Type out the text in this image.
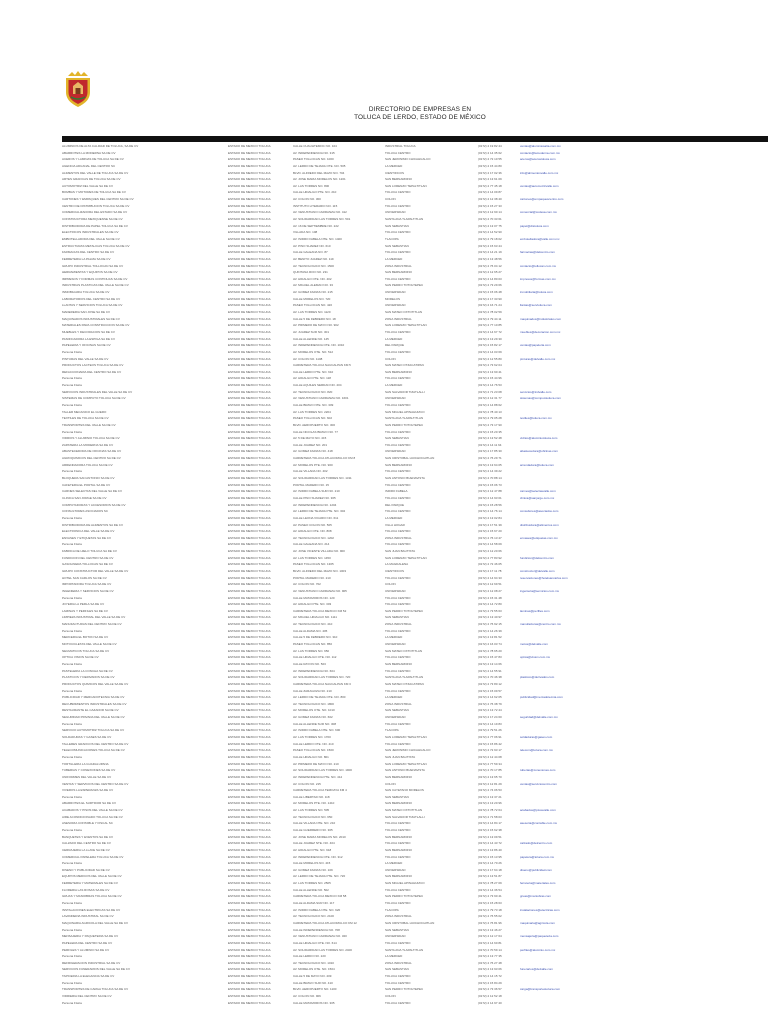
DIRECTORIO DE EMPRESAS EN
TOLUCA DE LERDO, ESTADO DE MÉXICO
ALUMINIOS DE ALTA CALIDAD DE TOLUCA, SA DE CV	ESTADO DE MEXICO TOLUCA	CALLE CUAUHTEMOC NO. 104	INDUSTRIAL TOLUCA	(0172) 2 19 82 44	ventas@aluminiosalta.com.mx
ABARROTES LA MODERNA SA DE CV	ESTADO DE MEXICO TOLUCA	AV. INDEPENDENCIA NO. 315	TOLUCA CENTRO	(0172) 2 14 35 62	contacto@lamoderna.com.mx
ACEROS Y LAMINAS DE TOLUCA SA DE CV	ESTADO DE MEXICO TOLUCA	PASEO TOLLOCAN NO. 1000	SAN JERONIMO CHICAHUALCO	(0172) 2 72 10 55	aceros@acerostoluca.com
AGENCIA ADUANAL DEL CENTRO SC	ESTADO DE MEXICO TOLUCA	AV. LERDO DE TEJADA OTE. NO. 505	LA MERCED	(0172) 2 15 44 80
ALIMENTOS DEL VALLE DE TOLUCA SA DE CV	ESTADO DE MEXICO TOLUCA	BLVD. ALFREDO DEL MAZO NO. 704	CIENTIFICOS	(0172) 2 17 02 36	info@alimentosvalle.com.mx
ARTES GRAFICAS DE TOLUCA SA DE CV	ESTADO DE MEXICO TOLUCA	AV. JOSE MARIA MORELOS NO. 1201	SAN BERNARDINO	(0172) 2 13 61 09
AUTOMOTRIZ DEL VALLE SA DE CV	ESTADO DE MEXICO TOLUCA	AV. LAS TORRES NO. 800	SAN LORENZO TEPALTITLAN	(0172) 2 77 45 18	ventas@automotrizvalle.com
BOMBAS Y MOTORES DE TOLUCA SA DE CV	ESTADO DE MEXICO TOLUCA	CALLE HIDALGO PTE. NO. 210	TOLUCA CENTRO	(0172) 2 14 09 87
CARTONES Y EMPAQUES DEL CENTRO SA DE CV	ESTADO DE MEXICO TOLUCA	AV. COLON NO. 300	COLON	(0172) 2 12 38 40	cartones@empaquescentro.com
CENTRO DE DISTRIBUCION TOLUCA SA DE CV	ESTADO DE MEXICO TOLUCA	INSTITUTO LITERARIO NO. 115	TOLUCA CENTRO	(0172) 2 15 27 33
COMERCIALIZADORA DEL ESTADO SA DE CV	ESTADO DE MEXICO TOLUCA	AV. VENUSTIANO CARRANZA NO. 412	UNIVERSIDAD	(0172) 2 12 90 14	comercial@codesa.com.mx
CONSTRUCTORA MEXIQUENSE SA DE CV	ESTADO DE MEXICO TOLUCA	AV. SOLIDARIDAD LAS TORRES NO. 501	SANTA ANA TLAPALTITLAN	(0172) 2 70 33 61
DISTRIBUIDORA DE PAPEL TOLUCA SA DE CV	ESTADO DE MEXICO TOLUCA	AV. 16 DE SEPTIEMBRE NO. 222	SAN SEBASTIAN	(0172) 2 13 07 75	papel@distoluca.com
ELECTRICOS INDUSTRIALES SA DE CV	ESTADO DE MEXICO TOLUCA	VILLADA NO. 108	TOLUCA CENTRO	(0172) 2 14 52 90
EMBOTELLADORA DEL VALLE SA DE CV	ESTADO DE MEXICO TOLUCA	AV. ISIDRO FABELA NTE. NO. 1400	TLACOPA	(0172) 2 79 18 02	embotelladora@valle.com.mx
ESTRUCTURAS METALICAS TOLUCA SA DE CV	ESTADO DE MEXICO TOLUCA	AV. PINO SUAREZ NO. 610	SAN SEBASTIAN	(0172) 2 15 63 44
FARMACIAS DEL CENTRO SA DE CV	ESTADO DE MEXICO TOLUCA	CALLE GALEANA NO. 87	TOLUCA CENTRO	(0172) 2 14 21 19	farmacias@delcentro.com
FERRETERIA LA PALMA SA DE CV	ESTADO DE MEXICO TOLUCA	AV. BENITO JUAREZ NO. 119	LA MERCED	(0172) 2 13 48 56
GRUPO INDUSTRIAL TOLLOCAN SA DE CV	ESTADO DE MEXICO TOLUCA	AV. TECNOLOGICO NO. 1500	ZONA INDUSTRIAL	(0172) 2 76 04 12	contacto@tollocan.com.mx
HERRAMIENTAS Y EQUIPOS SA DE CV	ESTADO DE MEXICO TOLUCA	QUINTANA ROO NO. 231	SAN BERNARDINO	(0172) 2 12 65 27
IMPRESOS Y FORMAS CONTINUAS SA DE CV	ESTADO DE MEXICO TOLUCA	AV. HIDALGO OTE. NO. 402	TOLUCA CENTRO	(0172) 2 14 80 03	impresos@formas.com.mx
INDUSTRIAS PLASTICAS DEL VALLE SA DE CV	ESTADO DE MEXICO TOLUCA	AV. MIGUEL ALEMAN NO. 33	SAN PEDRO TOTOLTEPEC	(0172) 2 73 29 66
INMOBILIARIA TOLUCA SA DE CV	ESTADO DE MEXICO TOLUCA	AV. GOMEZ FARIAS NO. 215	UNIVERSIDAD	(0172) 2 15 06 48	inmobiliaria@toluca.com
LABORATORIOS DEL CENTRO SA DE CV	ESTADO DE MEXICO TOLUCA	CALLE MORELOS NO. 720	MORELOS	(0172) 2 17 33 90
LLANTAS Y SERVICIOS TOLUCA SA DE CV	ESTADO DE MEXICO TOLUCA	PASEO TOLLOCAN NO. 420	UNIVERSIDAD	(0172) 2 16 71 24	llantas@servtoluca.com
MADERERIA SAN JOSE SA DE CV	ESTADO DE MEXICO TOLUCA	AV. LAS TORRES NO. 1120	SAN MATEO OXTOTITLAN	(0172) 2 78 02 59
MAQUINADOS INDUSTRIALES SA DE CV	ESTADO DE MEXICO TOLUCA	CALLE 5 DE FEBRERO NO. 18	ZONA INDUSTRIAL	(0172) 2 79 44 11	maquinados@industriales.com
MATERIALES PARA CONSTRUCCION SA DE CV	ESTADO DE MEXICO TOLUCA	AV. PRIMERO DE MAYO NO. 902	SAN LORENZO TEPALTITLAN	(0172) 2 77 10 85
MUEBLES Y DECORACION SA DE CV	ESTADO DE MEXICO TOLUCA	AV. JUAREZ SUR NO. 301	TOLUCA CENTRO	(0172) 2 14 67 72	muebles@decoracion.com.mx
PANIFICADORA LA ESPIGA SA DE CV	ESTADO DE MEXICO TOLUCA	CALLE ALLENDE NO. 145	LA MERCED	(0172) 2 13 29 30
PAPELERIA Y OFICINAS SA DE CV	ESTADO DE MEXICO TOLUCA	AV. INDEPENDENCIA OTE. NO. 1010	DEL PARQUE	(0172) 2 15 82 17	ventas@papeleria.com
Persona Fisica	ESTADO DE MEXICO TOLUCA	AV. MORELOS OTE. NO. 512	TOLUCA CENTRO	(0172) 2 14 03 69
PINTURAS DEL VALLE SA DE CV	ESTADO DE MEXICO TOLUCA	AV. COLON NO. 1108	COLON	(0172) 2 12 55 80	pinturas@delvalle.com.mx
PRODUCTOS LACTEOS TOLUCA SA DE CV	ESTADO DE MEXICO TOLUCA	CARRETERA TOLUCA NAUCALPAN KM 5	SAN MATEO OTZACATIPAN	(0172) 2 73 62 04
REFACCIONARIA DEL CENTRO SA DE CV	ESTADO DE MEXICO TOLUCA	CALLE LERDO PTE. NO. 610	SAN BERNARDINO	(0172) 2 13 90 41
Persona Fisica	ESTADO DE MEXICO TOLUCA	AV. HIDALGO PTE. NO. 118	TOLUCA CENTRO	(0172) 2 15 44 96
Persona Fisica	ESTADO DE MEXICO TOLUCA	CALLE AQUILES SERDAN NO. 204	LA MERCED	(0172) 2 14 76 53
SERVICIOS INDUSTRIALES DEL VALLE SA DE CV	ESTADO DE MEXICO TOLUCA	AV. TECNOLOGICO NO. 820	SAN SALVADOR TIZATLALLI	(0172) 2 71 23 08	servicios@indvalle.com
SISTEMAS DE COMPUTO TOLUCA SA DE CV	ESTADO DE MEXICO TOLUCA	AV. VENUSTIANO CARRANZA NO. 1601	UNIVERSIDAD	(0172) 2 12 31 77	sistemas@computotoluca.com
Persona Fisica	ESTADO DE MEXICO TOLUCA	CALLE BRAVO NTE. NO. 309	TOLUCA CENTRO	(0172) 2 14 88 62
TALLER MECANICO EL GUERO	ESTADO DE MEXICO TOLUCA	AV. LAS TORRES NO. 2204	SAN MIGUEL APINAHUIZCO	(0172) 2 78 40 13
TEXTILES DE TOLUCA SA DE CV	ESTADO DE MEXICO TOLUCA	PASEO TOLLOCAN NO. 602	SANTA ANA TLAPALTITLAN	(0172) 2 79 05 28	textiles@toluca.com.mx
TRANSPORTES DEL VALLE SA DE CV	ESTADO DE MEXICO TOLUCA	BLVD. AEROPUERTO NO. 300	SAN PEDRO TOTOLTEPEC	(0172) 2 73 17 90
Persona Fisica	ESTADO DE MEXICO TOLUCA	CALLE NICOLAS BRAVO NO. 77	TOLUCA CENTRO	(0172) 2 15 20 35
VIDRIOS Y ALUMINIO TOLUCA SA DE CV	ESTADO DE MEXICO TOLUCA	AV. 5 DE MAYO NO. 415	SAN SEBASTIAN	(0172) 2 13 52 48	vidrios@aluminiotoluca.com
ZAPATERIA LA MODERNA SA DE CV	ESTADO DE MEXICO TOLUCA	CALLE JUAREZ NO. 201	TOLUCA CENTRO	(0172) 2 14 11 64
ABASTECEDORA DE OFICINAS SA DE CV	ESTADO DE MEXICO TOLUCA	AV. GOMEZ FARIAS NO. 418	UNIVERSIDAD	(0172) 2 17 85 30	abastecedora@oficinas.com
AGROQUIMICOS DEL CENTRO SA DE CV	ESTADO DE MEXICO TOLUCA	CARRETERA TOLUCA ATLACOMULCO KM 8	SAN CRISTOBAL HUICHOCHITLAN	(0172) 2 76 29 71
ARRENDADORA TOLUCA SA DE CV	ESTADO DE MEXICO TOLUCA	AV. MORELOS PTE. NO. 900	SAN BERNARDINO	(0172) 2 13 64 05	arrendadora@toluca.com
Persona Fisica	ESTADO DE MEXICO TOLUCA	CALLE VILLADA NO. 402	TOLUCA CENTRO	(0172) 2 14 39 22
BLOQUERA SAN ANTONIO SA DE CV	ESTADO DE MEXICO TOLUCA	AV. SOLIDARIDAD LAS TORRES NO. 1311	SAN ANTONIO BUENAVISTA	(0172) 2 70 88 14
CAFETERIA EL PORTAL SA DE CV	ESTADO DE MEXICO TOLUCA	PORTAL MADERO NO. 15	TOLUCA CENTRO	(0172) 2 15 06 73
CARNES SELECTAS DEL VALLE SA DE CV	ESTADO DE MEXICO TOLUCA	AV. ISIDRO FABELA SUR NO. 210	ISIDRO FABELA	(0172) 2 12 47 88	carnes@selectasvalle.com
CLINICA SAN JORGE SA DE CV	ESTADO DE MEXICO TOLUCA	CALLE PINO SUAREZ NO. 305	TOLUCA CENTRO	(0172) 2 14 93 01	clinica@sanjorge.com.mx
COMPUTADORAS Y ACCESORIOS SA DE CV	ESTADO DE MEXICO TOLUCA	AV. INDEPENDENCIA NO. 1204	DEL PARQUE	(0172) 2 15 28 56
CONSULTORES ASOCIADOS SC	ESTADO DE MEXICO TOLUCA	AV. LERDO DE TEJADA PTE. NO. 302	TOLUCA CENTRO	(0172) 2 14 76 14	consultores@asociados.com
Persona Fisica	ESTADO DE MEXICO TOLUCA	CALLE LEONA VICARIO NO. 611	LA MERCED	(0172) 2 13 02 84
DISTRIBUIDORA DE ALIMENTOS SA DE CV	ESTADO DE MEXICO TOLUCA	AV. PASEO COLON NO. 505	VILLA HOGAR	(0172) 2 17 51 39	distribuidora@alimentos.com
ELECTRONICA DEL VALLE SA DE CV	ESTADO DE MEXICO TOLUCA	AV. HIDALGO OTE. NO. 808	TOLUCA CENTRO	(0172) 2 15 67 20
ENVASES Y ETIQUETAS SA DE CV	ESTADO DE MEXICO TOLUCA	AV. TECNOLOGICO NO. 1202	ZONA INDUSTRIAL	(0172) 2 76 13 47	envases@etiquetas.com.mx
Persona Fisica	ESTADO DE MEXICO TOLUCA	CALLE GALEANA NO. 214	TOLUCA CENTRO	(0172) 2 14 58 09
FABRICA DE HIELO TOLUCA SA DE CV	ESTADO DE MEXICO TOLUCA	AV. JOSE VICENTE VILLADA NO. 900	SAN JUAN BAUTISTA	(0172) 2 12 20 66
FUNDICION DEL CENTRO SA DE CV	ESTADO DE MEXICO TOLUCA	AV. LAS TORRES NO. 1450	SAN LORENZO TEPALTITLAN	(0172) 2 77 83 92	fundicion@delcentro.com
GASOLINERA TOLLOCAN SA DE CV	ESTADO DE MEXICO TOLUCA	PASEO TOLLOCAN NO. 1305	LA MAGDALENA	(0172) 2 72 46 05
GRUPO CONSTRUCTOR DEL VALLE SA DE CV	ESTADO DE MEXICO TOLUCA	BLVD. ALFREDO DEL MAZO NO. 1003	CIENTIFICOS	(0172) 2 17 11 78	constructor@delvalle.com
HOTEL SAN CARLOS SA DE CV	ESTADO DE MEXICO TOLUCA	PORTAL MADERO NO. 210	TOLUCA CENTRO	(0172) 2 14 94 33	reservaciones@hotelsancarlos.com
IMPORTADORA TOLUCA SA DE CV	ESTADO DE MEXICO TOLUCA	AV. COLON NO. 702	COLON	(0172) 2 12 69 51
INGENIERIA Y SERVICIOS SA DE CV	ESTADO DE MEXICO TOLUCA	AV. VENUSTIANO CARRANZA NO. 905	UNIVERSIDAD	(0172) 2 12 08 27	ingenieria@servicios.com.mx
Persona Fisica	ESTADO DE MEXICO TOLUCA	CALLE MATAMOROS NO. 120	TOLUCA CENTRO	(0172) 2 15 31 48
JOYERIA LA PERLA SA DE CV	ESTADO DE MEXICO TOLUCA	AV. HIDALGO PTE. NO. 303	TOLUCA CENTRO	(0172) 2 14 72 80
LAMINAS Y PERFILES SA DE CV	ESTADO DE MEXICO TOLUCA	CARRETERA TOLUCA MEXICO KM 52	SAN PEDRO TOTOLTEPEC	(0172) 2 73 55 63	laminas@perfiles.com
LIMPIEZA INDUSTRIAL DEL VALLE SA DE CV	ESTADO DE MEXICO TOLUCA	AV. MIGUEL HIDALGO NO. 1111	SAN SEBASTIAN	(0172) 2 13 40 97
MANUFACTURAS DEL CENTRO SA DE CV	ESTADO DE MEXICO TOLUCA	AV. TECNOLOGICO NO. 410	ZONA INDUSTRIAL	(0172) 2 76 92 15	manufacturas@centro.com.mx
Persona Fisica	ESTADO DE MEXICO TOLUCA	CALLE ALDAMA NO. 405	TOLUCA CENTRO	(0172) 2 14 26 39
MERCERIA EL BOTON SA DE CV	ESTADO DE MEXICO TOLUCA	CALLE 5 DE FEBRERO NO. 310	LA MERCED	(0172) 2 13 81 52
MOTOCICLETAS DEL VALLE SA DE CV	ESTADO DE MEXICO TOLUCA	PASEO TOLLOCAN NO. 850	UNIVERSIDAD	(0172) 2 16 03 74	motos@delvalle.com
NEUMATICOS TOLUCA SA DE CV	ESTADO DE MEXICO TOLUCA	AV. LAS TORRES NO. 650	SAN MATEO OXTOTITLAN	(0172) 2 78 65 20
OPTICA VISION SA DE CV	ESTADO DE MEXICO TOLUCA	CALLE HIDALGO OTE. NO. 112	TOLUCA CENTRO	(0172) 2 15 47 83	optica@vision.com.mx
Persona Fisica	ESTADO DE MEXICO TOLUCA	CALLE RAYON NO. 503	SAN BERNARDINO	(0172) 2 13 14 66
PASTELERIA LA CONCHA SA DE CV	ESTADO DE MEXICO TOLUCA	AV. INDEPENDENCIA NO. 604	TOLUCA CENTRO	(0172) 2 14 55 91
PLASTICOS Y DERIVADOS SA DE CV	ESTADO DE MEXICO TOLUCA	AV. SOLIDARIDAD LAS TORRES NO. 720	SANTA ANA TLAPALTITLAN	(0172) 2 70 46 38	plasticos@derivados.com
PRODUCTOS QUIMICOS DEL VALLE SA DE CV	ESTADO DE MEXICO TOLUCA	CARRETERA TOLUCA NAUCALPAN KM 3	SAN MATEO OTZACATIPAN	(0172) 2 73 80 12
Persona Fisica	ESTADO DE MEXICO TOLUCA	CALLE ZARAGOZA NO. 210	TOLUCA CENTRO	(0172) 2 15 09 57
PUBLICIDAD Y MERCADOTECNIA SA DE CV	ESTADO DE MEXICO TOLUCA	AV. LERDO DE TEJADA OTE. NO. 800	LA MERCED	(0172) 2 14 62 05	publicidad@mercadotecnia.com
RECUBRIMIENTOS INDUSTRIALES SA DE CV	ESTADO DE MEXICO TOLUCA	AV. TECNOLOGICO NO. 1800	ZONA INDUSTRIAL	(0172) 2 76 38 79
RESTAURANTE EL CAZADOR SA DE CV	ESTADO DE MEXICO TOLUCA	AV. MORELOS OTE. NO. 1010	SAN SEBASTIAN	(0172) 2 13 72 44
SEGURIDAD PRIVADA DEL VALLE SA DE CV	ESTADO DE MEXICO TOLUCA	AV. GOMEZ FARIAS NO. 602	UNIVERSIDAD	(0172) 2 17 24 60	seguridad@delvalle.com.mx
Persona Fisica	ESTADO DE MEXICO TOLUCA	CALLE ALLENDE SUR NO. 308	TOLUCA CENTRO	(0172) 2 14 19 83
SERVICIO AUTOMOTRIZ TOLUCA SA DE CV	ESTADO DE MEXICO TOLUCA	AV. ISIDRO FABELA NTE. NO. 600	TLACOPA	(0172) 2 79 51 26
SOLDADURAS Y GASES SA DE CV	ESTADO DE MEXICO TOLUCA	AV. LAS TORRES NO. 1700	SAN LORENZO TEPALTITLAN	(0172) 2 77 06 91	soldaduras@gases.com
TALLERES GRAFICOS DEL CENTRO SA DE CV	ESTADO DE MEXICO TOLUCA	CALLE LERDO OTE. NO. 410	TOLUCA CENTRO	(0172) 2 15 86 42
TELECOMUNICACIONES TOLUCA SA DE CV	ESTADO DE MEXICO TOLUCA	PASEO TOLLOCAN NO. 1500	SAN JERONIMO CHICAHUALCO	(0172) 2 72 93 17	telecom@toluca.com.mx
Persona Fisica	ESTADO DE MEXICO TOLUCA	CALLE HIDALGO NO. 801	SAN JUAN BAUTISTA	(0172) 2 12 44 08
TORTILLERIA LA GUADALUPANA	ESTADO DE MEXICO TOLUCA	AV. PRIMERO DE MAYO NO. 210	SAN LORENZO TEPALTITLAN	(0172) 2 77 59 34
TUBERIAS Y CONEXIONES SA DE CV	ESTADO DE MEXICO TOLUCA	AV. SOLIDARIDAD LAS TORRES NO. 1900	SAN ANTONIO BUENAVISTA	(0172) 2 70 17 85	tuberias@conexiones.com
UNIFORMES DEL VALLE SA DE CV	ESTADO DE MEXICO TOLUCA	AV. INDEPENDENCIA PTE. NO. 412	SAN BERNARDINO	(0172) 2 13 65 70
VENTAS Y SERVICIOS DEL CENTRO SA DE CV	ESTADO DE MEXICO TOLUCA	AV. COLON NO. 215	COLON	(0172) 2 12 81 29	ventas@serviciocentro.com
VIVEROS LA ESPERANZA SA DE CV	ESTADO DE MEXICO TOLUCA	CARRETERA TOLUCA TEMOAYA KM 4	SAN CAYETANO MORELOS	(0172) 2 74 06 53
Persona Fisica	ESTADO DE MEXICO TOLUCA	CALLE LIBERTAD NO. 118	SAN SEBASTIAN	(0172) 2 13 37 21
ABARROTES EL SURTIDOR SA DE CV	ESTADO DE MEXICO TOLUCA	AV. MORELOS PTE. NO. 1410	SAN BERNARDINO	(0172) 2 13 20 96
ACABADOS Y PISOS DEL VALLE SA DE CV	ESTADO DE MEXICO TOLUCA	AV. LAS TORRES NO. 505	SAN MATEO OXTOTITLAN	(0172) 2 78 72 64	acabados@pisosvalle.com
AIRE ACONDICIONADO TOLUCA SA DE CV	ESTADO DE MEXICO TOLUCA	AV. TECNOLOGICO NO. 650	SAN SALVADOR TIZATLALLI	(0172) 2 71 58 03
ASESORIA CONTABLE Y FISCAL SC	ESTADO DE MEXICO TOLUCA	CALLE VILLADA NTE. NO. 210	TOLUCA CENTRO	(0172) 2 14 84 17	asesoria@contable.com.mx
Persona Fisica	ESTADO DE MEXICO TOLUCA	CALLE GUERRERO NO. 305	TOLUCA CENTRO	(0172) 2 15 62 38
BANQUETES Y EVENTOS SA DE CV	ESTADO DE MEXICO TOLUCA	AV. JOSE MARIA MORELOS NO. 2010	SAN BERNARDINO	(0172) 2 13 09 51
CALZADO DEL CENTRO SA DE CV	ESTADO DE MEXICO TOLUCA	CALLE JUAREZ NTE. NO. 404	TOLUCA CENTRO	(0172) 2 14 43 72	calzado@delcentro.com
CERRAJERIA LA LLAVE SA DE CV	ESTADO DE MEXICO TOLUCA	AV. HIDALGO PTE. NO. 918	SAN BERNARDINO	(0172) 2 13 86 40
COMERCIAL PAPELERA TOLUCA SA DE CV	ESTADO DE MEXICO TOLUCA	AV. INDEPENDENCIA OTE. NO. 312	TOLUCA CENTRO	(0172) 2 15 13 95	papelera@toluca.com.mx
Persona Fisica	ESTADO DE MEXICO TOLUCA	CALLE MORELOS NO. 415	LA MERCED	(0172) 2 14 70 26
DISENO Y PUBLICIDAD SA DE CV	ESTADO DE MEXICO TOLUCA	AV. GOMEZ FARIAS NO. 109	UNIVERSIDAD	(0172) 2 17 64 18	diseno@publicidad.com
EQUIPOS MEDICOS DEL VALLE SA DE CV	ESTADO DE MEXICO TOLUCA	AV. LERDO DE TEJADA PTE. NO. 720	SAN BERNARDINO	(0172) 2 13 51 87
FERRETERIA Y MATERIALES SA DE CV	ESTADO DE MEXICO TOLUCA	AV. LAS TORRES NO. 2505	SAN MIGUEL APINAHUIZCO	(0172) 2 78 27 09	ferreteria@materiales.com
FLORERIA LAS ROSAS SA DE CV	ESTADO DE MEXICO TOLUCA	CALLE ALLENDE NO. 502	TOLUCA CENTRO	(0172) 2 14 36 54
GRUAS Y MANIOBRAS TOLUCA SA DE CV	ESTADO DE MEXICO TOLUCA	CARRETERA TOLUCA MEXICO KM 58	SAN PEDRO TOTOLTEPEC	(0172) 2 73 90 41	gruas@maniobras.com
Persona Fisica	ESTADO DE MEXICO TOLUCA	CALLE ALDAMA SUR NO. 117	TOLUCA CENTRO	(0172) 2 15 28 63
INSTALACIONES ELECTRICAS SA DE CV	ESTADO DE MEXICO TOLUCA	AV. ISIDRO FABELA NTE. NO. 920	TLACOPA	(0172) 2 79 73 18	instalaciones@electricas.com
LAVANDERIA INDUSTRIAL SA DE CV	ESTADO DE MEXICO TOLUCA	AV. TECNOLOGICO NO. 2100	ZONA INDUSTRIAL	(0172) 2 76 55 02
MAQUINARIA AGRICOLA DEL VALLE SA DE CV	ESTADO DE MEXICO TOLUCA	CARRETERA TOLUCA ATLACOMULCO KM 12	SAN CRISTOBAL HUICHOCHITLAN	(0172) 2 76 81 96	maquinaria@agricola.com
Persona Fisica	ESTADO DE MEXICO TOLUCA	CALLE INDEPENDENCIA NO. 708	SAN SEBASTIAN	(0172) 2 13 46 27
MENSAJERIA Y PAQUETERIA SA DE CV	ESTADO DE MEXICO TOLUCA	AV. VENUSTIANO CARRANZA NO. 320	UNIVERSIDAD	(0172) 2 12 17 64	mensajeria@paqueteria.com
PAPELERA DEL CENTRO SA DE CV	ESTADO DE MEXICO TOLUCA	CALLE HIDALGO OTE. NO. 614	TOLUCA CENTRO	(0172) 2 14 60 81
PERFILES Y ALUMINIO SA DE CV	ESTADO DE MEXICO TOLUCA	AV. SOLIDARIDAD LAS TORRES NO. 2400	SANTA ANA TLAPALTITLAN	(0172) 2 70 59 14	perfiles@aluminio.com.mx
Persona Fisica	ESTADO DE MEXICO TOLUCA	CALLE LERDO NO. 220	LA MERCED	(0172) 2 13 77 35
REFRIGERACION INDUSTRIAL SA DE CV	ESTADO DE MEXICO TOLUCA	AV. TECNOLOGICO NO. 1010	ZONA INDUSTRIAL	(0172) 2 76 27 48
SERVICIOS FUNERARIOS DEL VALLE SA DE CV	ESTADO DE MEXICO TOLUCA	AV. MORELOS OTE. NO. 1504	SAN SEBASTIAN	(0172) 2 13 93 06	funerarios@delvalle.com
TAPICERIA LA ELEGANCIA SA DE CV	ESTADO DE MEXICO TOLUCA	CALLE 5 DE MAYO NO. 209	TOLUCA CENTRO	(0172) 2 14 15 72
Persona Fisica	ESTADO DE MEXICO TOLUCA	CALLE BRAVO SUR NO. 410	TOLUCA CENTRO	(0172) 2 15 84 29
TRANSPORTES DE CARGA TOLUCA SA DE CV	ESTADO DE MEXICO TOLUCA	BLVD. AEROPUERTO NO. 1100	SAN PEDRO TOTOLTEPEC	(0172) 2 73 36 57	carga@transportestoluca.com
VIDRIERIA DEL CENTRO SA DE CV	ESTADO DE MEXICO TOLUCA	AV. COLON NO. 906	COLON	(0172) 2 12 52 18
Persona Fisica	ESTADO DE MEXICO TOLUCA	CALLE MATAMOROS NO. 305	TOLUCA CENTRO	(0172) 2 14 97 40
